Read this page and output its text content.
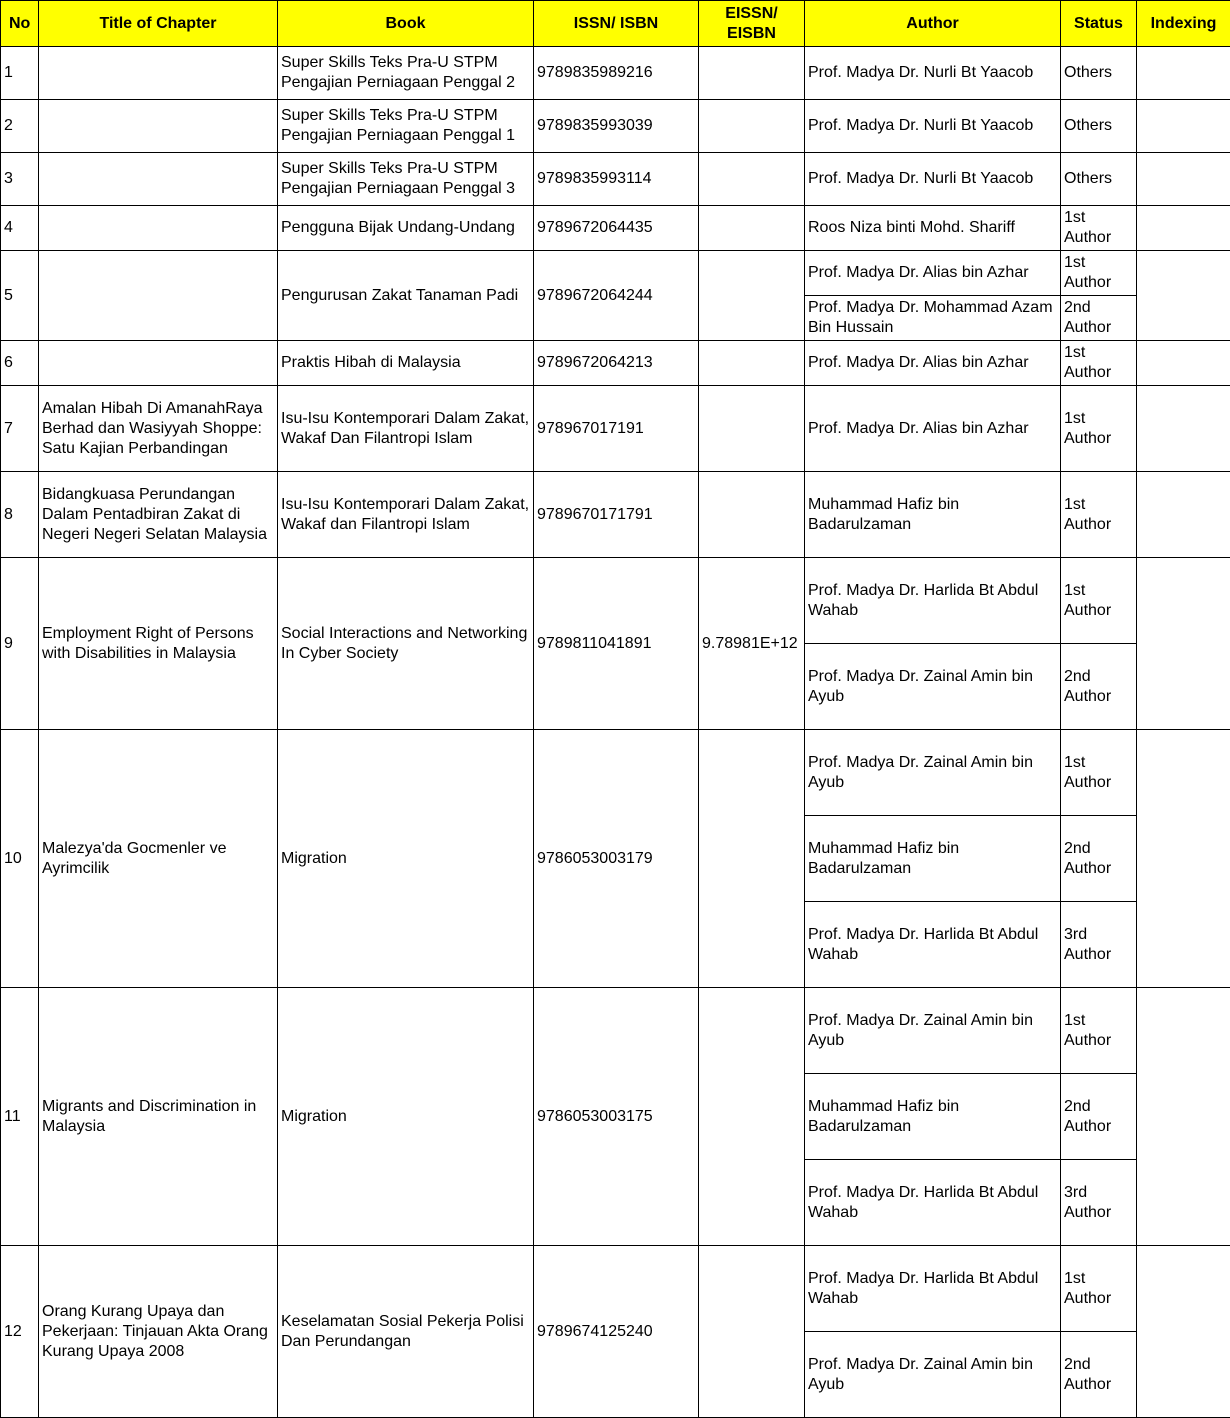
No	Title of Chapter	Book	ISSN/ ISBN	EISSN/ EISBN	Author	Status	Indexing
1		Super Skills Teks Pra-U STPM Pengajian Perniagaan Penggal 2	9789835989216		Prof. Madya Dr. Nurli Bt Yaacob	Others	
2		Super Skills Teks Pra-U STPM Pengajian Perniagaan Penggal 1	9789835993039		Prof. Madya Dr. Nurli Bt Yaacob	Others	
3		Super Skills Teks Pra-U STPM Pengajian Perniagaan Penggal 3	9789835993114		Prof. Madya Dr. Nurli Bt Yaacob	Others	
4		Pengguna Bijak Undang-Undang	9789672064435		Roos Niza binti Mohd. Shariff	1st Author	
5		Pengurusan Zakat Tanaman Padi	9789672064244		Prof. Madya Dr. Alias bin Azhar	1st Author	
					Prof. Madya Dr. Mohammad Azam Bin Hussain	2nd Author	
6		Praktis Hibah di Malaysia	9789672064213		Prof. Madya Dr. Alias bin Azhar	1st Author	
7	Amalan Hibah Di AmanahRaya Berhad dan Wasiyyah Shoppe: Satu Kajian Perbandingan	Isu-Isu Kontemporari Dalam Zakat, Wakaf Dan Filantropi Islam	978967017191		Prof. Madya Dr. Alias bin Azhar	1st Author	
8	Bidangkuasa Perundangan Dalam Pentadbiran Zakat di Negeri Negeri Selatan Malaysia	Isu-Isu Kontemporari Dalam Zakat, Wakaf dan Filantropi Islam	9789670171791		Muhammad Hafiz bin Badarulzaman	1st Author	
9	Employment Right of Persons with Disabilities in Malaysia	Social Interactions and Networking In Cyber Society	9789811041891	9.78981E+12	Prof. Madya Dr. Harlida Bt Abdul Wahab	1st Author	
					Prof. Madya Dr. Zainal Amin bin Ayub	2nd Author	
10	Malezya'da Gocmenler ve Ayrimcilik	Migration	9786053003179		Prof. Madya Dr. Zainal Amin bin Ayub	1st Author	
					Muhammad Hafiz bin Badarulzaman	2nd Author	
					Prof. Madya Dr. Harlida Bt Abdul Wahab	3rd Author	
11	Migrants and Discrimination in Malaysia	Migration	9786053003175		Prof. Madya Dr. Zainal Amin bin Ayub	1st Author	
					Muhammad Hafiz bin Badarulzaman	2nd Author	
					Prof. Madya Dr. Harlida Bt Abdul Wahab	3rd Author	
12	Orang Kurang Upaya dan Pekerjaan: Tinjauan Akta Orang Kurang Upaya 2008	Keselamatan Sosial Pekerja Polisi Dan Perundangan	9789674125240		Prof. Madya Dr. Harlida Bt Abdul Wahab	1st Author	
					Prof. Madya Dr. Zainal Amin bin Ayub	2nd Author	
